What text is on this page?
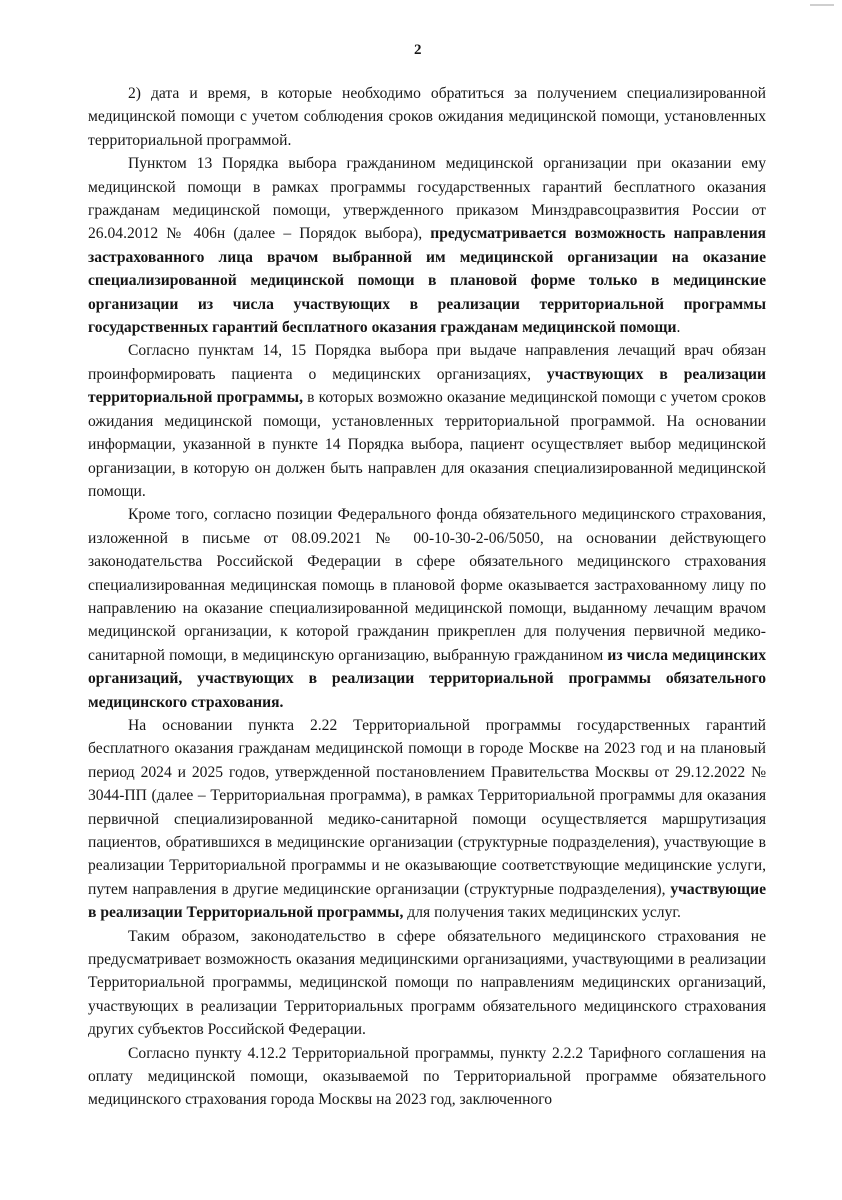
2

2) дата и время, в которые необходимо обратиться за получением специализированной медицинской помощи с учетом соблюдения сроков ожидания медицинской помощи, установленных территориальной программой.

Пунктом 13 Порядка выбора гражданином медицинской организации при оказании ему медицинской помощи в рамках программы государственных гарантий бесплатного оказания гражданам медицинской помощи, утвержденного приказом Минздравсоцразвития России от 26.04.2012 № 406н (далее – Порядок выбора), предусматривается возможность направления застрахованного лица врачом выбранной им медицинской организации на оказание специализированной медицинской помощи в плановой форме только в медицинские организации из числа участвующих в реализации территориальной программы государственных гарантий бесплатного оказания гражданам медицинской помощи.

Согласно пунктам 14, 15 Порядка выбора при выдаче направления лечащий врач обязан проинформировать пациента о медицинских организациях, участвующих в реализации территориальной программы, в которых возможно оказание медицинской помощи с учетом сроков ожидания медицинской помощи, установленных территориальной программой. На основании информации, указанной в пункте 14 Порядка выбора, пациент осуществляет выбор медицинской организации, в которую он должен быть направлен для оказания специализированной медицинской помощи.

Кроме того, согласно позиции Федерального фонда обязательного медицинского страхования, изложенной в письме от 08.09.2021 № 00-10-30-2-06/5050, на основании действующего законодательства Российской Федерации в сфере обязательного медицинского страхования специализированная медицинская помощь в плановой форме оказывается застрахованному лицу по направлению на оказание специализированной медицинской помощи, выданному лечащим врачом медицинской организации, к которой гражданин прикреплен для получения первичной медико-санитарной помощи, в медицинскую организацию, выбранную гражданином из числа медицинских организаций, участвующих в реализации территориальной программы обязательного медицинского страхования.

На основании пункта 2.22 Территориальной программы государственных гарантий бесплатного оказания гражданам медицинской помощи в городе Москве на 2023 год и на плановый период 2024 и 2025 годов, утвержденной постановлением Правительства Москвы от 29.12.2022 № 3044-ПП (далее – Территориальная программа), в рамках Территориальной программы для оказания первичной специализированной медико-санитарной помощи осуществляется маршрутизация пациентов, обратившихся в медицинские организации (структурные подразделения), участвующие в реализации Территориальной программы и не оказывающие соответствующие медицинские услуги, путем направления в другие медицинские организации (структурные подразделения), участвующие в реализации Территориальной программы, для получения таких медицинских услуг.

Таким образом, законодательство в сфере обязательного медицинского страхования не предусматривает возможность оказания медицинскими организациями, участвующими в реализации Территориальной программы, медицинской помощи по направлениям медицинских организаций, участвующих в реализации Территориальных программ обязательного медицинского страхования других субъектов Российской Федерации.

Согласно пункту 4.12.2 Территориальной программы, пункту 2.2.2 Тарифного соглашения на оплату медицинской помощи, оказываемой по Территориальной программе обязательного медицинского страхования города Москвы на 2023 год, заключенного
